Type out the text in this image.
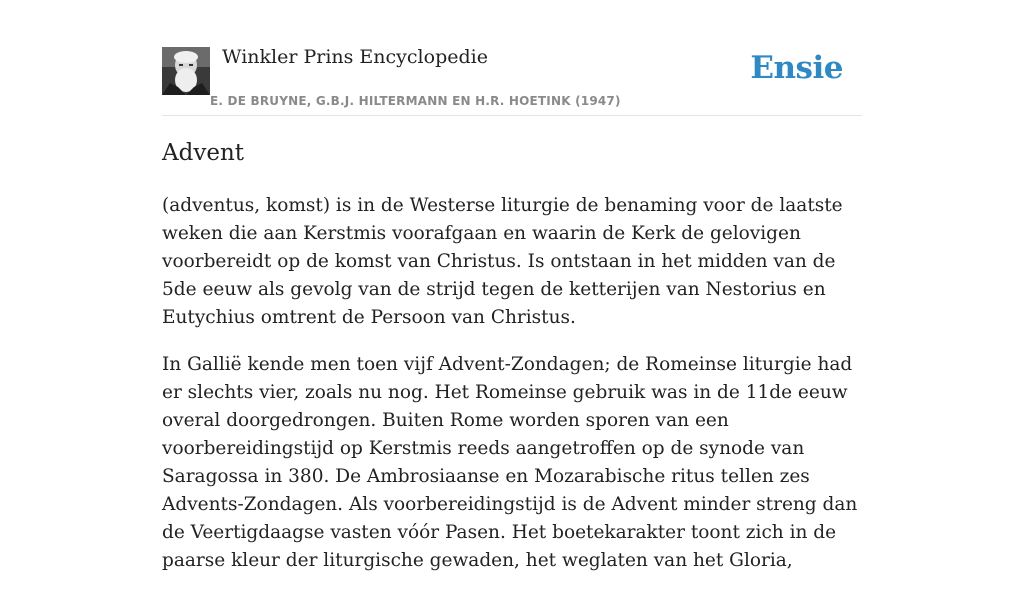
Winkler Prins Encyclopedie
E. DE BRUYNE, G.B.J. HILTERMANN EN H.R. HOETINK (1947)
Ensie
Advent

(adventus, komst) is in de Westerse liturgie de benaming voor de laatste weken die aan Kerstmis voorafgaan en waarin de Kerk de gelovigen voorbereidt op de komst van Christus. Is ontstaan in het midden van de 5de eeuw als gevolg van de strijd tegen de ketterijen van Nestorius en Eutychius omtrent de Persoon van Christus.

In Gallië kende men toen vijf Advent-Zondagen; de Romeinse liturgie had er slechts vier, zoals nu nog. Het Romeinse gebruik was in de 11de eeuw overal doorgedrongen. Buiten Rome worden sporen van een voorbereidingstijd op Kerstmis reeds aangetroffen op de synode van Saragossa in 380. De Ambrosiaanse en Mozarabische ritus tellen zes Advents-Zondagen. Als voorbereidingstijd is de Advent minder streng dan de Veertigdaagse vasten vóór Pasen. Het boetekarakter toont zich in de paarse kleur der liturgische gewaden, het weglaten van het Gloria,
